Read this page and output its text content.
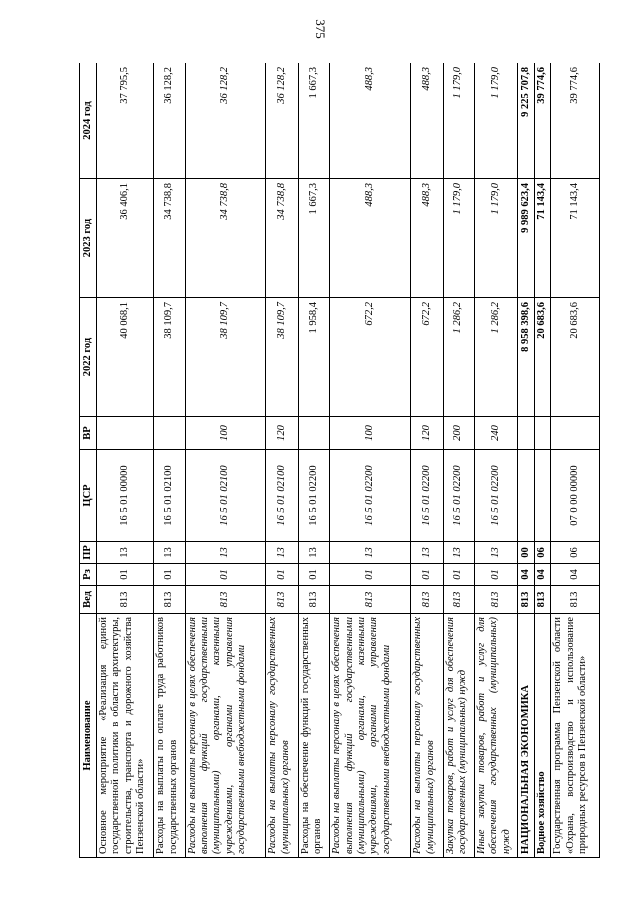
375
Наименование	Вед	Рз	ПР	ЦСР	ВР	2022 год	2023 год	2024 год
Основное мероприятие «Реализация единой государственной политики в области архитектуры, строительства, транспорта и дорожного хозяйства Пензенской области»	813	01	13	16 5 01 00000		40 068,1	36 406,1	37 795,5
Расходы на выплаты по оплате труда работников государственных органов	813	01	13	16 5 01 02100		38 109,7	34 738,8	36 128,2
Расходы на выплаты персоналу в целях обеспечения выполнения функций государственными (муниципальными) органами, казенными учреждениями, органами управления государственными внебюджетными фондами	813	01	13	16 5 01 02100	100	38 109,7	34 738,8	36 128,2
Расходы на выплаты персоналу государственных (муниципальных) органов	813	01	13	16 5 01 02100	120	38 109,7	34 738,8	36 128,2
Расходы на обеспечение функций государственных органов	813	01	13	16 5 01 02200		1 958,4	1 667,3	1 667,3
Расходы на выплаты персоналу в целях обеспечения выполнения функций государственными (муниципальными) органами, казенными учреждениями, органами управления государственными внебюджетными фондами	813	01	13	16 5 01 02200	100	672,2	488,3	488,3
Расходы на выплаты персоналу государственных (муниципальных) органов	813	01	13	16 5 01 02200	120	672,2	488,3	488,3
Закупка товаров, работ и услуг для обеспечения государственных (муниципальных) нужд	813	01	13	16 5 01 02200	200	1 286,2	1 179,0	1 179,0
Иные закупки товаров, работ и услуг для обеспечения государственных (муниципальных) нужд	813	01	13	16 5 01 02200	240	1 286,2	1 179,0	1 179,0
НАЦИОНАЛЬНАЯ ЭКОНОМИКА	813	04	00			8 958 398,6	9 989 623,4	9 225 707,8
Водное хозяйство	813	04	06			20 683,6	71 143,4	39 774,6
Государственная программа Пензенской области «Охрана, воспроизводство и использование природных ресурсов в Пензенской области»	813	04	06	07 0 00 00000		20 683,6	71 143,4	39 774,6
